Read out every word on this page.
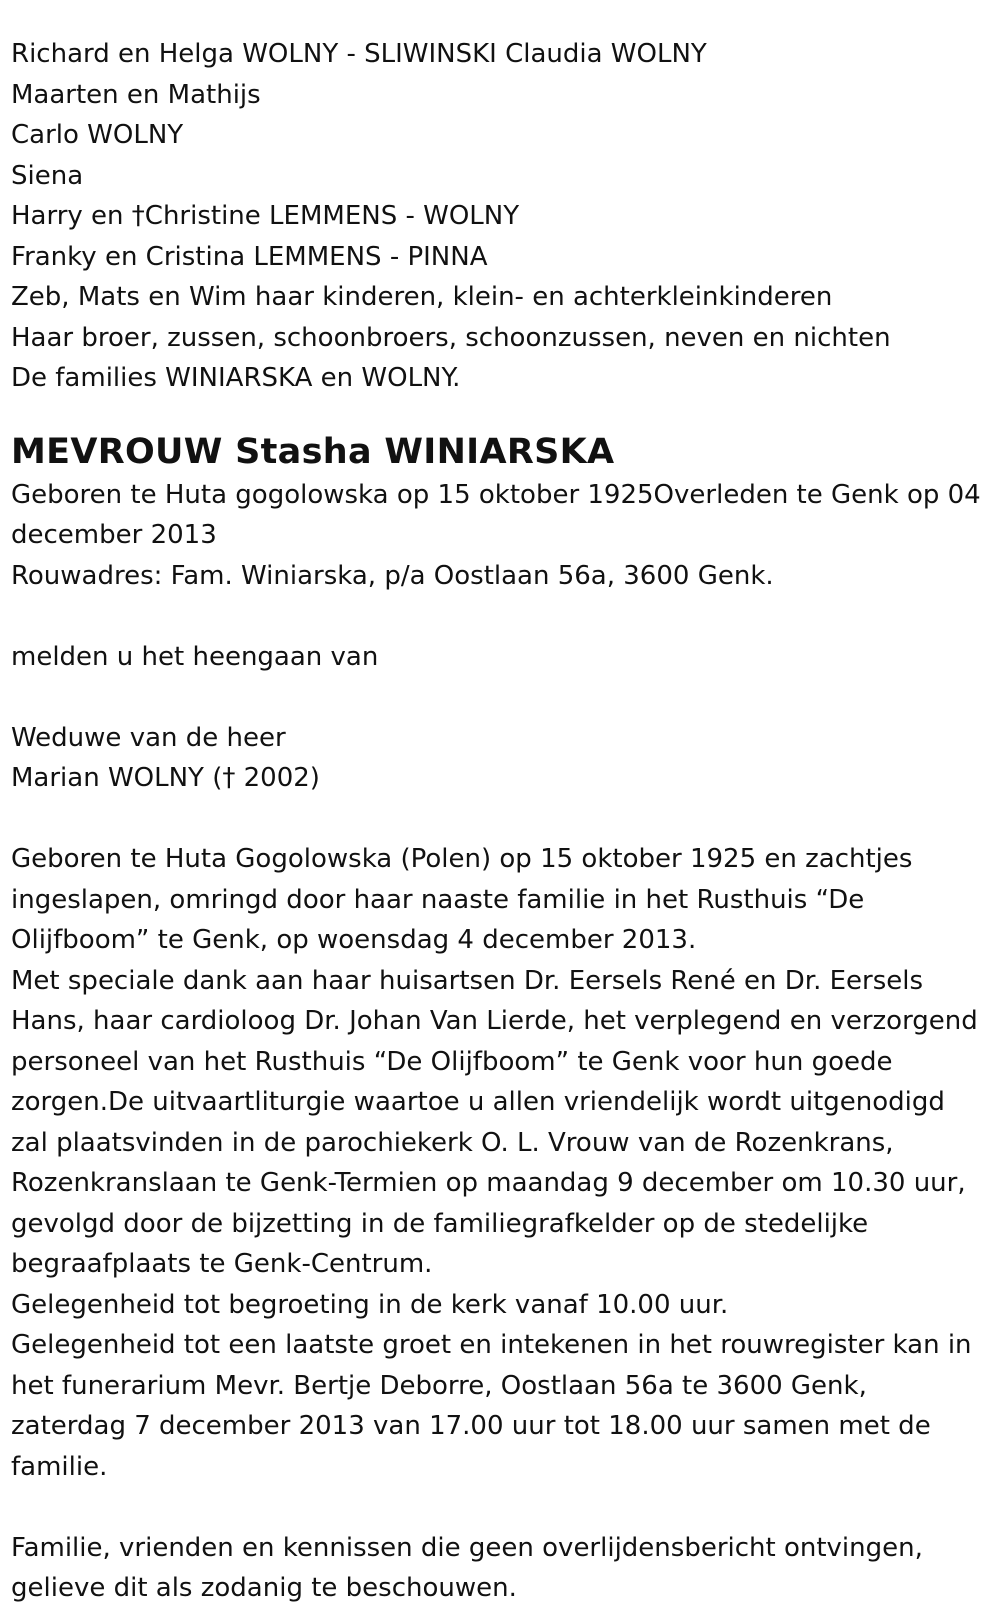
Richard en Helga WOLNY - SLIWINSKI Claudia WOLNY
Maarten en Mathijs
Carlo WOLNY
Siena
Harry en †Christine LEMMENS - WOLNY
Franky en Cristina LEMMENS - PINNA
Zeb, Mats en Wim haar kinderen, klein- en achterkleinkinderen
Haar broer, zussen, schoonbroers, schoonzussen, neven en nichten
De families WINIARSKA en WOLNY.
MEVROUW Stasha WINIARSKA
Geboren te Huta gogolowska op 15 oktober 1925Overleden te Genk op 04 december 2013
Rouwadres: Fam. Winiarska, p/a Oostlaan 56a, 3600 Genk.
melden u het heengaan van
Weduwe van de heer
Marian WOLNY († 2002)
Geboren te Huta Gogolowska (Polen) op 15 oktober 1925 en zachtjes ingeslapen, omringd door haar naaste familie in het Rusthuis “De Olijfboom” te Genk, op woensdag 4 december 2013.
Met speciale dank aan haar huisartsen Dr. Eersels René en Dr. Eersels Hans, haar cardioloog Dr. Johan Van Lierde, het verplegend en verzorgend personeel van het Rusthuis “De Olijfboom” te Genk voor hun goede zorgen.De uitvaartliturgie waartoe u allen vriendelijk wordt uitgenodigd zal plaatsvinden in de parochiekerk O. L. Vrouw van de Rozenkrans, Rozenkranslaan te Genk-Termien op maandag 9 december om 10.30 uur, gevolgd door de bijzetting in de familiegrafkelder op de stedelijke begraafplaats te Genk-Centrum.
Gelegenheid tot begroeting in de kerk vanaf 10.00 uur.
Gelegenheid tot een laatste groet en intekenen in het rouwregister kan in het funerarium Mevr. Bertje Deborre, Oostlaan 56a te 3600 Genk, zaterdag 7 december 2013 van 17.00 uur tot 18.00 uur samen met de familie.
Familie, vrienden en kennissen die geen overlijdensbericht ontvingen, gelieve dit als zodanig te beschouwen.
